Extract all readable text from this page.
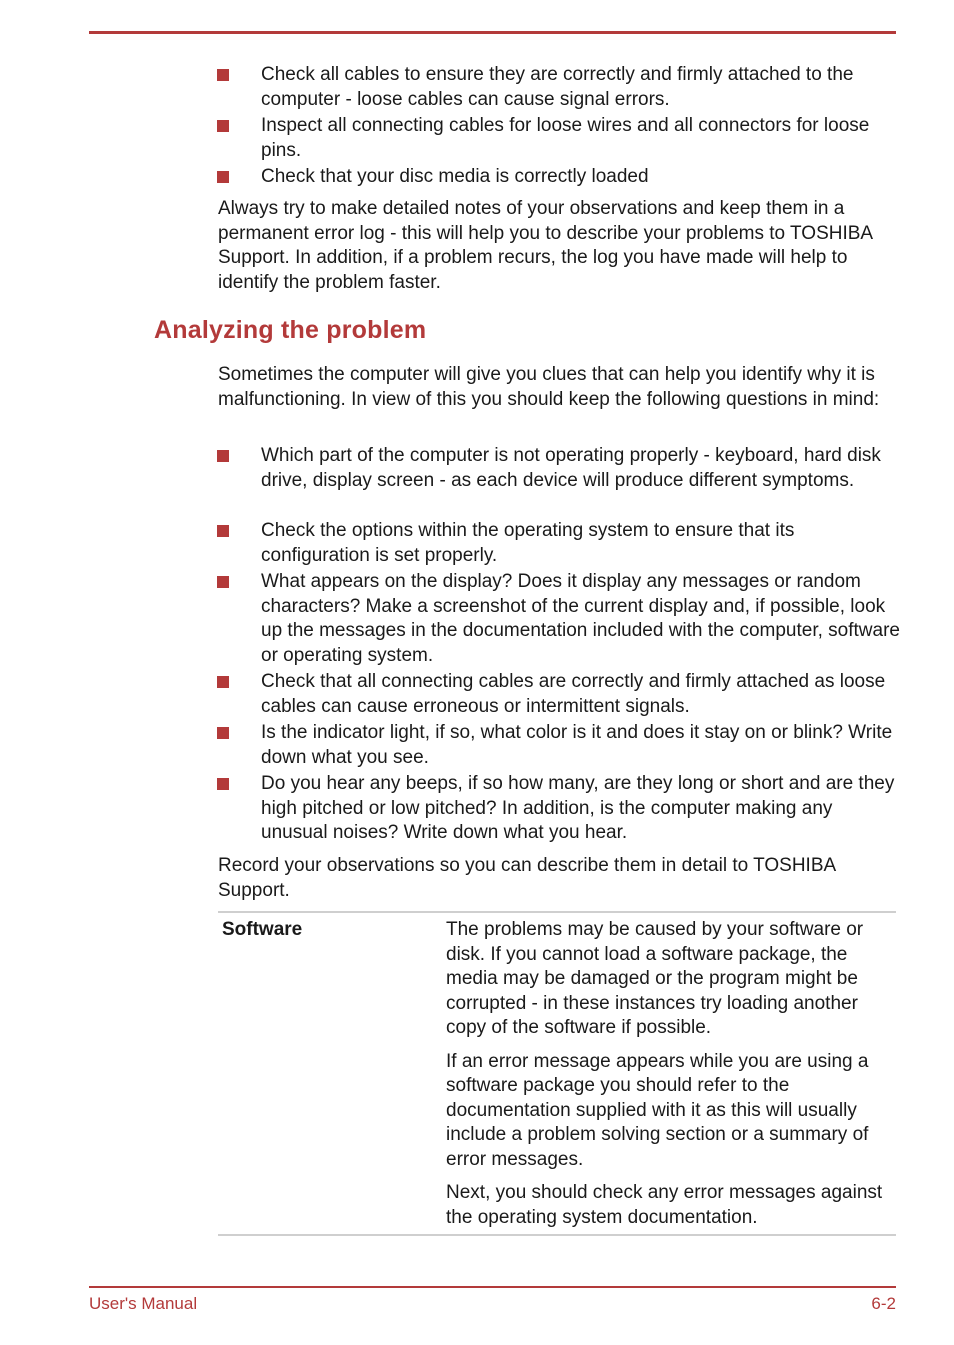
Check all cables to ensure they are correctly and firmly attached to the computer - loose cables can cause signal errors.
Inspect all connecting cables for loose wires and all connectors for loose pins.
Check that your disc media is correctly loaded

Always try to make detailed notes of your observations and keep them in a permanent error log - this will help you to describe your problems to TOSHIBA Support. In addition, if a problem recurs, the log you have made will help to identify the problem faster.

Analyzing the problem

Sometimes the computer will give you clues that can help you identify why it is malfunctioning. In view of this you should keep the following questions in mind:

Which part of the computer is not operating properly - keyboard, hard disk drive, display screen - as each device will produce different symptoms.
Check the options within the operating system to ensure that its configuration is set properly.
What appears on the display? Does it display any messages or random characters? Make a screenshot of the current display and, if possible, look up the messages in the documentation included with the computer, software or operating system.
Check that all connecting cables are correctly and firmly attached as loose cables can cause erroneous or intermittent signals.
Is the indicator light, if so, what color is it and does it stay on or blink? Write down what you see.
Do you hear any beeps, if so how many, are they long or short and are they high pitched or low pitched? In addition, is the computer making any unusual noises? Write down what you hear.

Record your observations so you can describe them in detail to TOSHIBA Support.

Software	The problems may be caused by your software or disk. If you cannot load a software package, the media may be damaged or the program might be corrupted - in these instances try loading another copy of the software if possible.

If an error message appears while you are using a software package you should refer to the documentation supplied with it as this will usually include a problem solving section or a summary of error messages.

Next, you should check any error messages against the operating system documentation.

User's Manual	6-2
